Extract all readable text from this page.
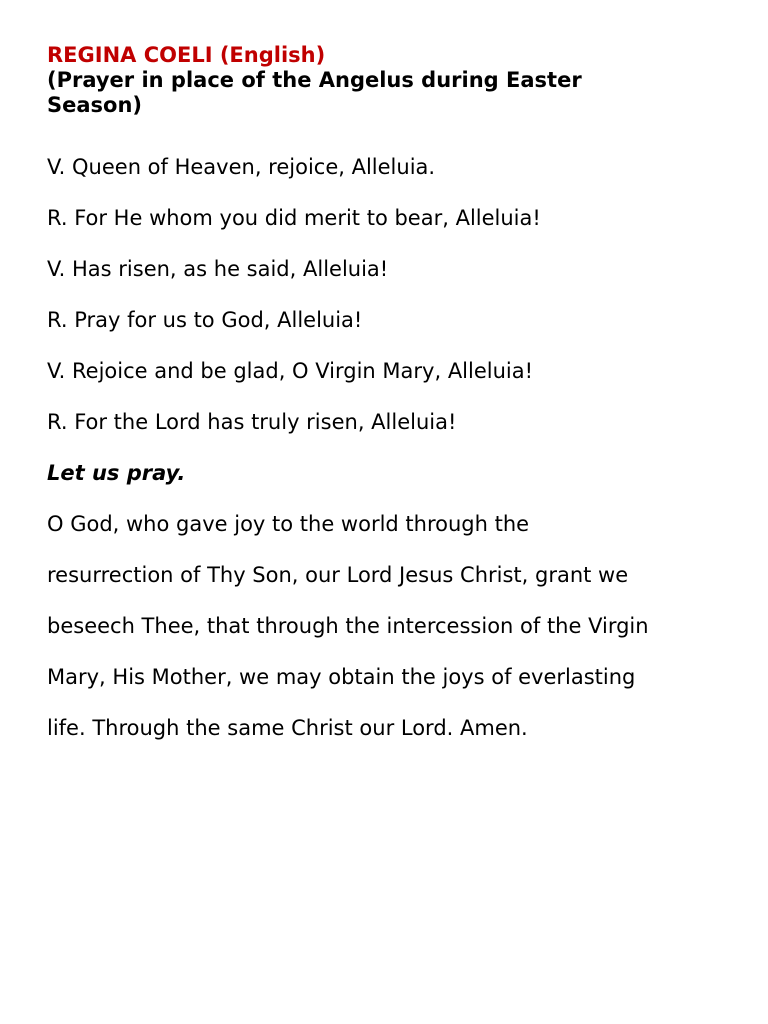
REGINA COELI (English)
(Prayer in place of the Angelus during Easter
Season)

V. Queen of Heaven, rejoice, Alleluia.

R. For He whom you did merit to bear, Alleluia!

V. Has risen, as he said, Alleluia!

R. Pray for us to God, Alleluia!

V. Rejoice and be glad, O Virgin Mary, Alleluia!

R. For the Lord has truly risen, Alleluia!

Let us pray.

O God, who gave joy to the world through the

resurrection of Thy Son, our Lord Jesus Christ, grant we

beseech Thee, that through the intercession of the Virgin

Mary, His Mother, we may obtain the joys of everlasting

life. Through the same Christ our Lord. Amen.
